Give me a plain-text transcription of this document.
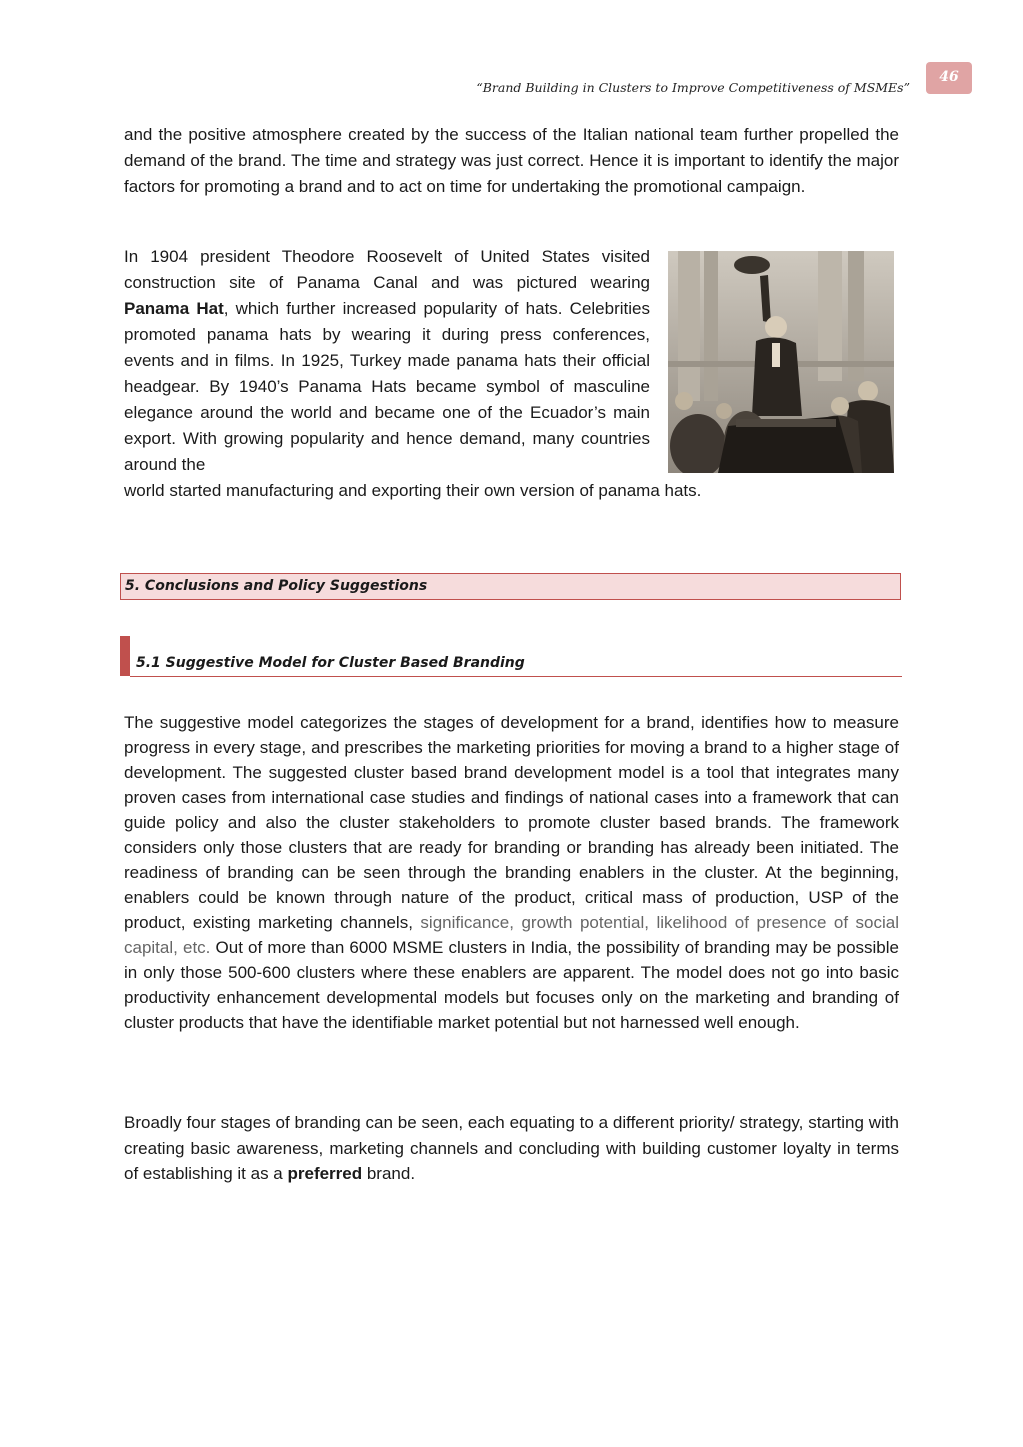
“Brand Building in Clusters to Improve Competitiveness of MSMEs”
46

and the positive atmosphere created by the success of the Italian national team further propelled the demand of the brand. The time and strategy was just correct. Hence it is important to identify the major factors for promoting a brand and to act on time for undertaking the promotional campaign.

In 1904 president Theodore Roosevelt of United States visited construction site of Panama Canal and was pictured wearing Panama Hat, which further increased popularity of hats. Celebrities promoted panama hats by wearing it during press conferences, events and in films. In 1925, Turkey made panama hats their official headgear. By 1940’s Panama Hats became symbol of masculine elegance around the world and became one of the Ecuador’s main export. With growing popularity and hence demand, many countries around the

world started manufacturing and exporting their own version of panama hats.

5. Conclusions and Policy Suggestions
5.1 Suggestive Model for Cluster Based Branding

The suggestive model categorizes the stages of development for a brand, identifies how to measure progress in every stage, and prescribes the marketing priorities for moving a brand to a higher stage of development. The suggested cluster based brand development model is a tool that integrates many proven cases from international case studies and findings of national cases into a framework that can guide policy and also the cluster stakeholders to promote cluster based brands. The framework considers only those clusters that are ready for branding or branding has already been initiated. The readiness of branding can be seen through the branding enablers in the cluster. At the beginning, enablers could be known through nature of the product, critical mass of production, USP of the product, existing marketing channels, significance, growth potential, likelihood of presence of social capital, etc. Out of more than 6000 MSME clusters in India, the possibility of branding may be possible in only those 500-600 clusters where these enablers are apparent. The model does not go into basic productivity enhancement developmental models but focuses only on the marketing and branding of cluster products that have the identifiable market potential but not harnessed well enough.

Broadly four stages of branding can be seen, each equating to a different priority/ strategy, starting with creating basic awareness, marketing channels and concluding with building customer loyalty in terms of establishing it as a preferred brand.
